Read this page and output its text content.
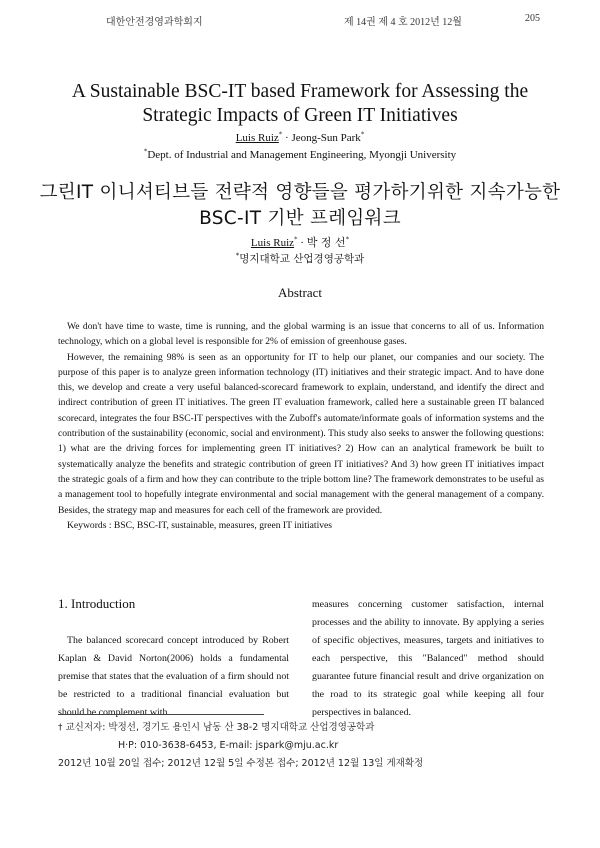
대한안전경영과학회지	제 14권 제 4 호 2012년 12월	205
A Sustainable BSC-IT based Framework for Assessing the
Strategic Impacts of Green IT Initiatives
Luis Ruiz* · Jeong-Sun Park*
*Dept. of Industrial and Management Engineering, Myongji University
그린IT 이니셔티브들 전략적 영향들을 평가하기위한 지속가능한
BSC-IT 기반 프레임워크
Luis Ruiz* · 박 정 선*
*명지대학교 산업경영공학과
Abstract

We don't have time to waste, time is running, and the global warming is an issue that concerns to all of us. Information technology, which on a global level is responsible for 2% of emission of greenhouse gases.

However, the remaining 98% is seen as an opportunity for IT to help our planet, our companies and our society. The purpose of this paper is to analyze green information technology (IT) initiatives and their strategic impact. And to have done this, we develop and create a very useful balanced-scorecard framework to explain, understand, and identify the direct and indirect contribution of green IT initiatives. The green IT evaluation framework, called here a sustainable green IT balanced scorecard, integrates the four BSC-IT perspectives with the Zuboff's automate/informate goals of information systems and the contribution of the sustainability (economic, social and environment). This study also seeks to answer the following questions: 1) what are the driving forces for implementing green IT initiatives? 2) How can an analytical framework be built to systematically analyze the benefits and strategic contribution of green IT initiatives? And 3) how green IT initiatives impact the strategic goals of a firm and how they can contribute to the triple bottom line? The framework demonstrates to be useful as a management tool to hopefully integrate environmental and social management with the general management of a company. Besides, the strategy map and measures for each cell of the framework are provided.

Keywords : BSC, BSC-IT, sustainable, measures, green IT initiatives

1. Introduction

The balanced scorecard concept introduced by Robert Kaplan & David Norton(2006) holds a fundamental premise that states that the evaluation of a firm should not be restricted to a traditional financial evaluation but should be complement with

measures concerning customer satisfaction, internal processes and the ability to innovate. By applying a series of specific objectives, measures, targets and initiatives to each perspective, this "Balanced" method should guarantee future financial result and drive organization on the road to its strategic goal while keeping all four perspectives in balanced.

† 교신저자: 박정선, 경기도 용인시 남동 산 38-2 명지대학교 산업경영공학과
H·P: 010-3638-6453, E-mail: jspark@mju.ac.kr
2012년 10월 20일 접수; 2012년 12월 5일 수정본 접수; 2012년 12월 13일 게재확정
